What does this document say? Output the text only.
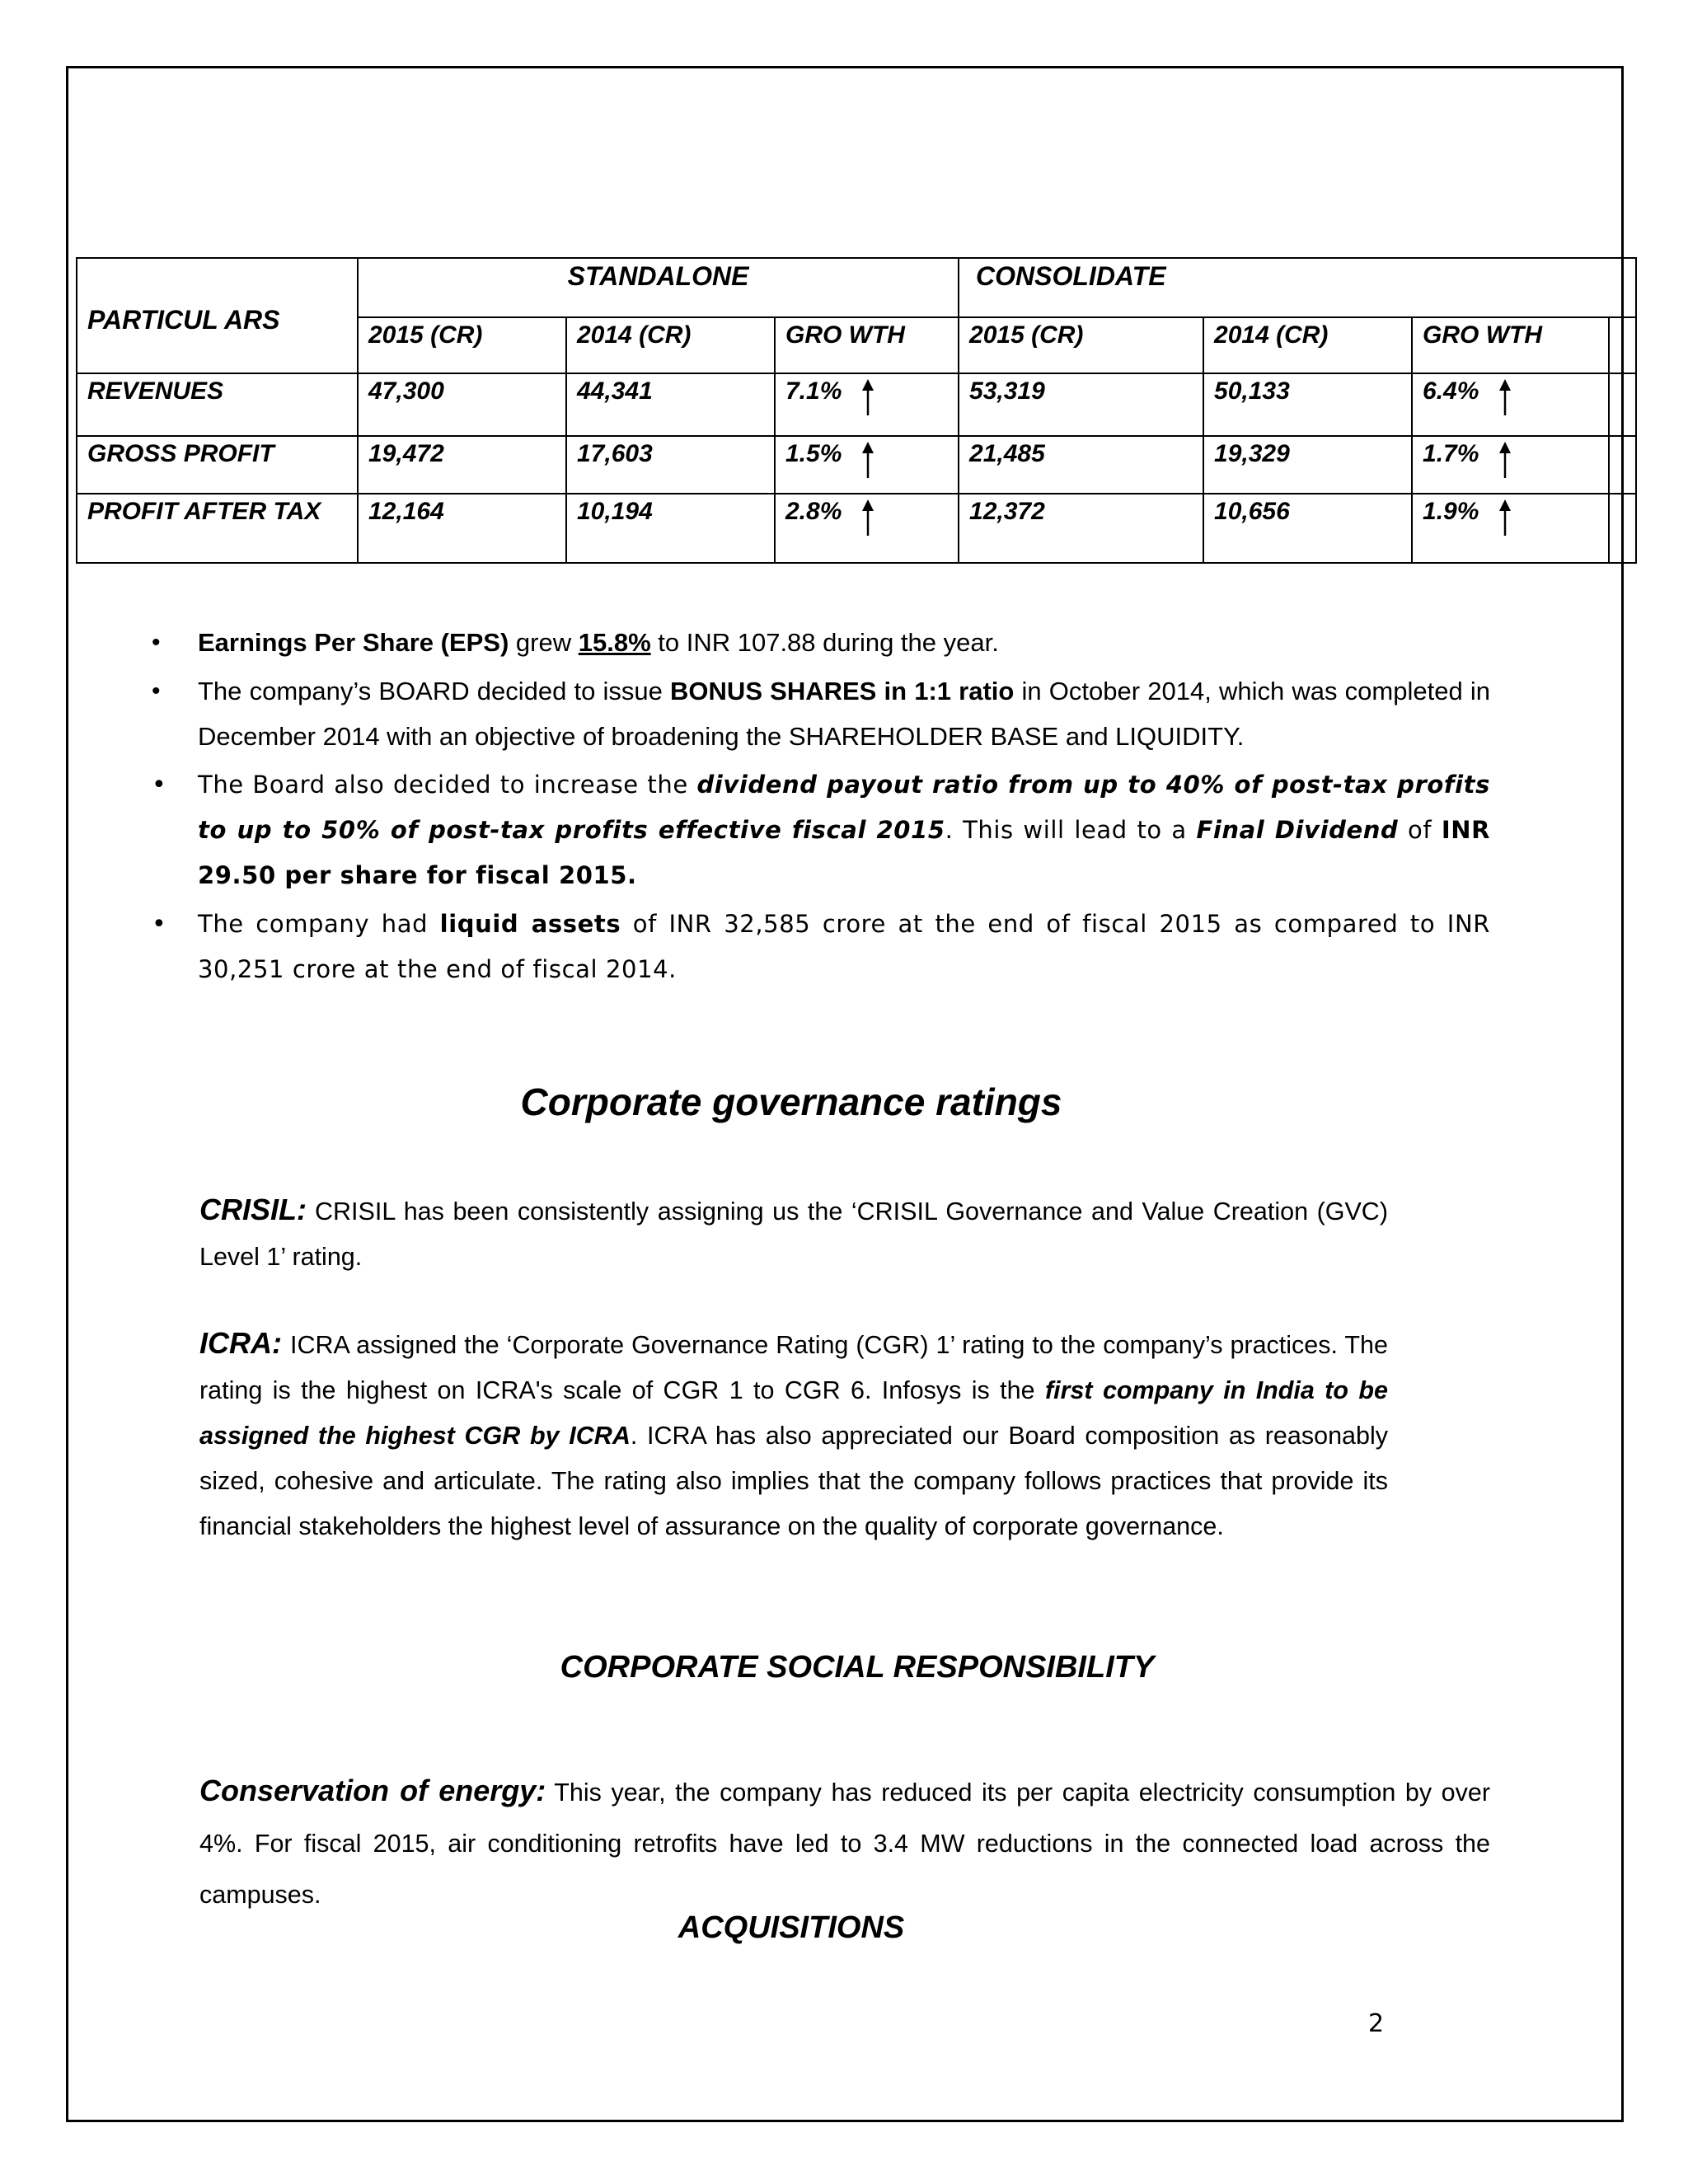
PARTICUL ARS	STANDALONE			CONSOLIDATE			
	2015 (CR)	2014 (CR)	GRO WTH	2015 (CR)	2014 (CR)	GRO WTH	
REVENUES	47,300	44,341	7.1%	53,319	50,133	6.4%	

GROSS PROFIT	19,472	17,603	1.5%	21,485	19,329	1.7%	

PROFIT AFTER TAX	12,164	10,194	2.8%	12,372	10,656	1.9%	

• Earnings Per Share (EPS) grew 15.8% to INR 107.88 during the year.
• The company’s BOARD decided to issue BONUS SHARES in 1:1 ratio in October 2014, which was completed in December 2014 with an objective of broadening the SHAREHOLDER BASE and LIQUIDITY.
• The Board also decided to increase the dividend payout ratio from up to 40% of post-tax profits to up to 50% of post-tax profits effective fiscal 2015. This will lead to a Final Dividend of INR 29.50 per share for fiscal 2015.
• The company had liquid assets of INR 32,585 crore at the end of fiscal 2015 as compared to INR 30,251 crore at the end of fiscal 2014.
Corporate governance ratings
CRISIL: CRISIL has been consistently assigning us the ‘CRISIL Governance and Value Creation (GVC) Level 1’ rating.
ICRA: ICRA assigned the ‘Corporate Governance Rating (CGR) 1’ rating to the company’s practices. The rating is the highest on ICRA's scale of CGR 1 to CGR 6. Infosys is the first company in India to be assigned the highest CGR by ICRA. ICRA has also appreciated our Board composition as reasonably sized, cohesive and articulate. The rating also implies that the company follows practices that provide its financial stakeholders the highest level of assurance on the quality of corporate governance.
CORPORATE SOCIAL RESPONSIBILITY
Conservation of energy: This year, the company has reduced its per capita electricity consumption by over 4%. For fiscal 2015, air conditioning retrofits have led to 3.4 MW reductions in the connected load across the campuses.
ACQUISITIONS
2
